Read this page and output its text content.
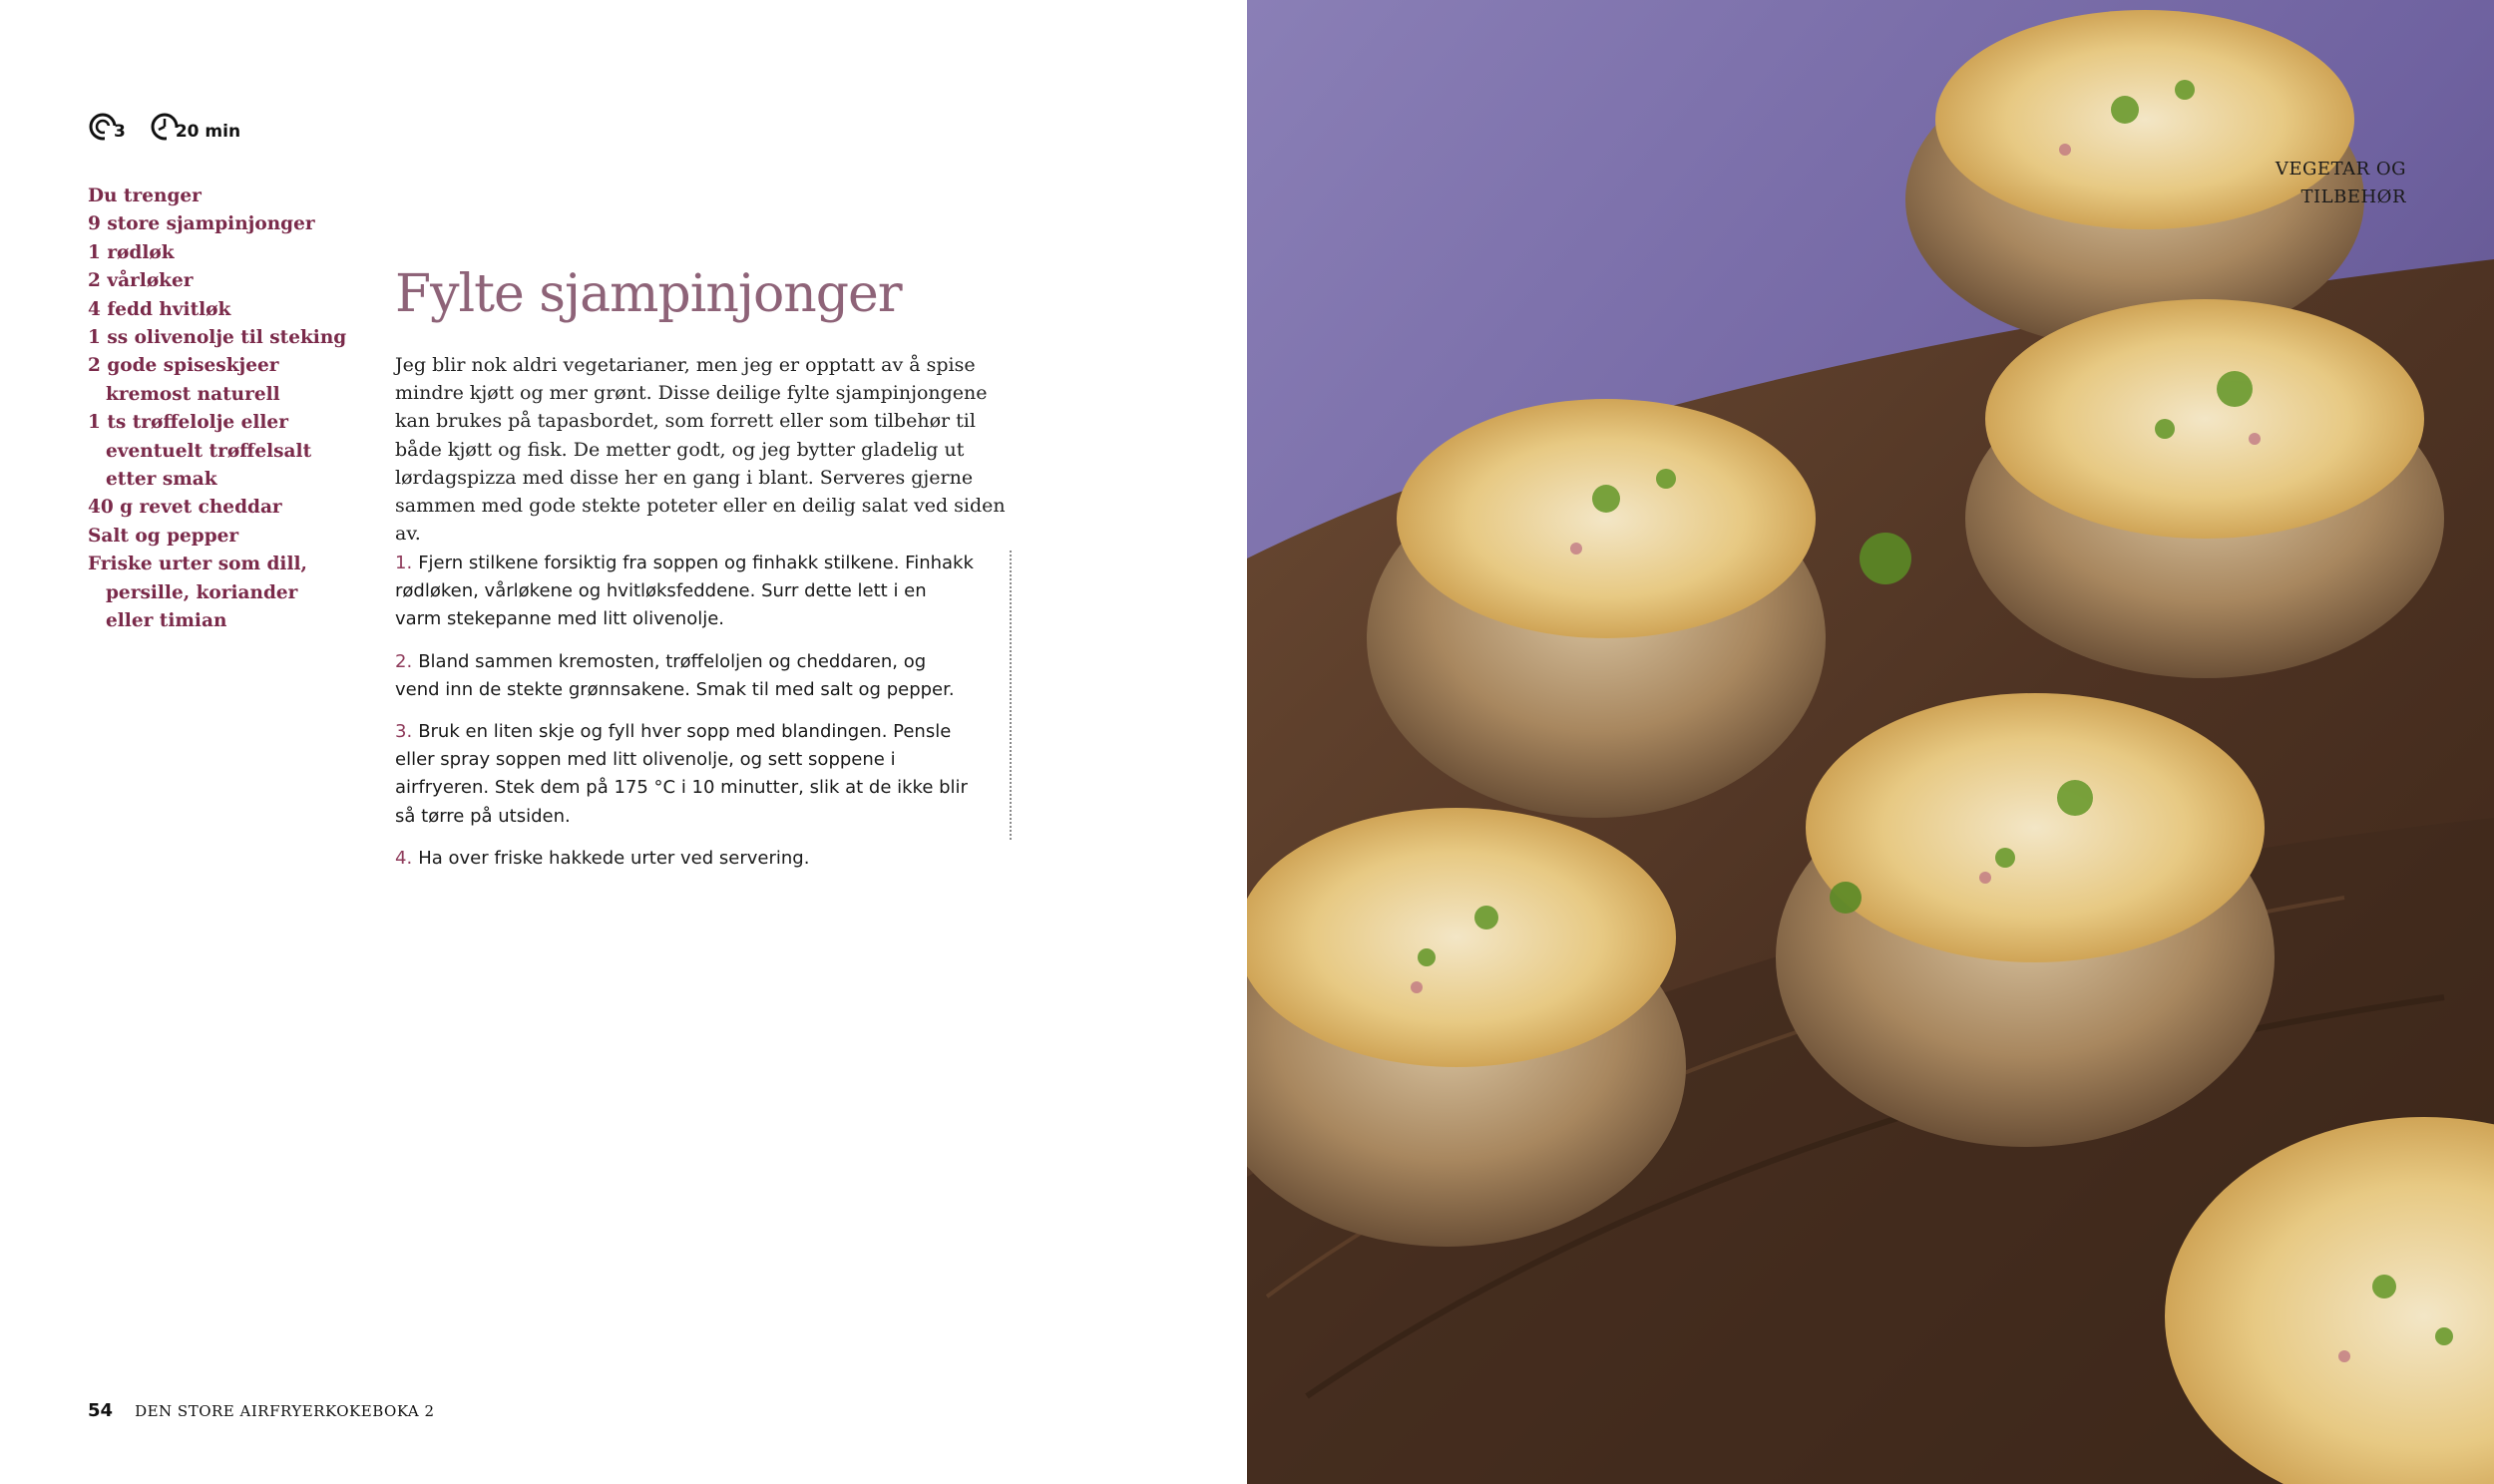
3	20 min
Du trenger
9 store sjampinjonger
1 rødløk
2 vårløker
4 fedd hvitløk
1 ss olivenolje til steking
2 gode spiseskjeer kremost naturell
1 ts trøffelolje eller eventuelt trøffelsalt etter smak
40 g revet cheddar
Salt og pepper
Friske urter som dill, persille, koriander eller timian
Fylte sjampinjonger
Jeg blir nok aldri vegetarianer, men jeg er opptatt av å spise mindre kjøtt og mer grønt. Disse deilige fylte sjampinjongene kan brukes på tapasbordet, som forrett eller som tilbehør til både kjøtt og fisk. De metter godt, og jeg bytter gladelig ut lørdagspizza med disse her en gang i blant. Serveres gjerne sammen med gode stekte poteter eller en deilig salat ved siden av.
1. Fjern stilkene forsiktig fra soppen og finhakk stilkene. Finhakk rødløken, vårløkene og hvitløksfeddene. Surr dette lett i en varm stekepanne med litt olivenolje.
2. Bland sammen kremosten, trøffeloljen og cheddaren, og vend inn de stekte grønnsakene. Smak til med salt og pepper.
3. Bruk en liten skje og fyll hver sopp med blandingen. Pensle eller spray soppen med litt olivenolje, og sett soppene i airfryeren. Stek dem på 175 °C i 10 minutter, slik at de ikke blir så tørre på utsiden.
4. Ha over friske hakkede urter ved servering.
54 DEN STORE AIRFRYERKOKEBOKA 2
VEGETAR OG
TILBEHØR
